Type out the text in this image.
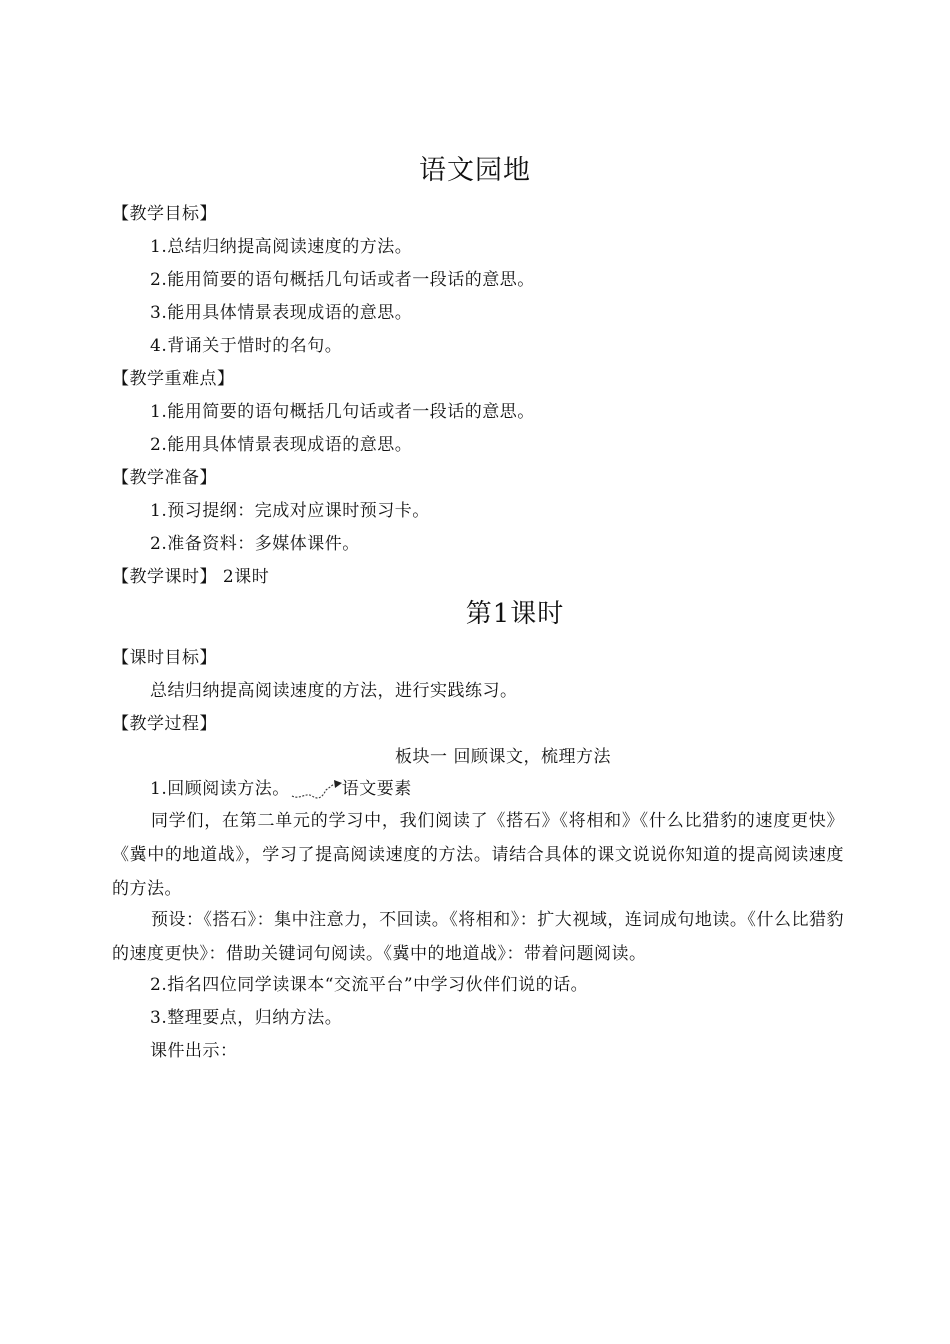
语文园地
【教学目标】
1.总结归纳提高阅读速度的方法。
2.能用简要的语句概括几句话或者一段话的意思。
3.能用具体情景表现成语的意思。
4.背诵关于惜时的名句。
【教学重难点】
1.能用简要的语句概括几句话或者一段话的意思。
2.能用具体情景表现成语的意思。
【教学准备】
1.预习提纲：完成对应课时预习卡。
2.准备资料：多媒体课件。
【教学课时】 2课时
第1课时
【课时目标】
总结归纳提高阅读速度的方法，进行实践练习。
【教学过程】
板块一 回顾课文，梳理方法
1.回顾阅读方法。	语文要素

同学们，在第二单元的学习中，我们阅读了《搭石》《将相和》《什么比猎豹的速度更快》《冀中的地道战》，学习了提高阅读速度的方法。请结合具体的课文说说你知道的提高阅读速度的方法。

预设：《搭石》：集中注意力，不回读。《将相和》：扩大视域，连词成句地读。《什么比猎豹的速度更快》：借助关键词句阅读。《冀中的地道战》：带着问题阅读。

2.指名四位同学读课本“交流平台”中学习伙伴们说的话。
3.整理要点，归纳方法。
课件出示：
